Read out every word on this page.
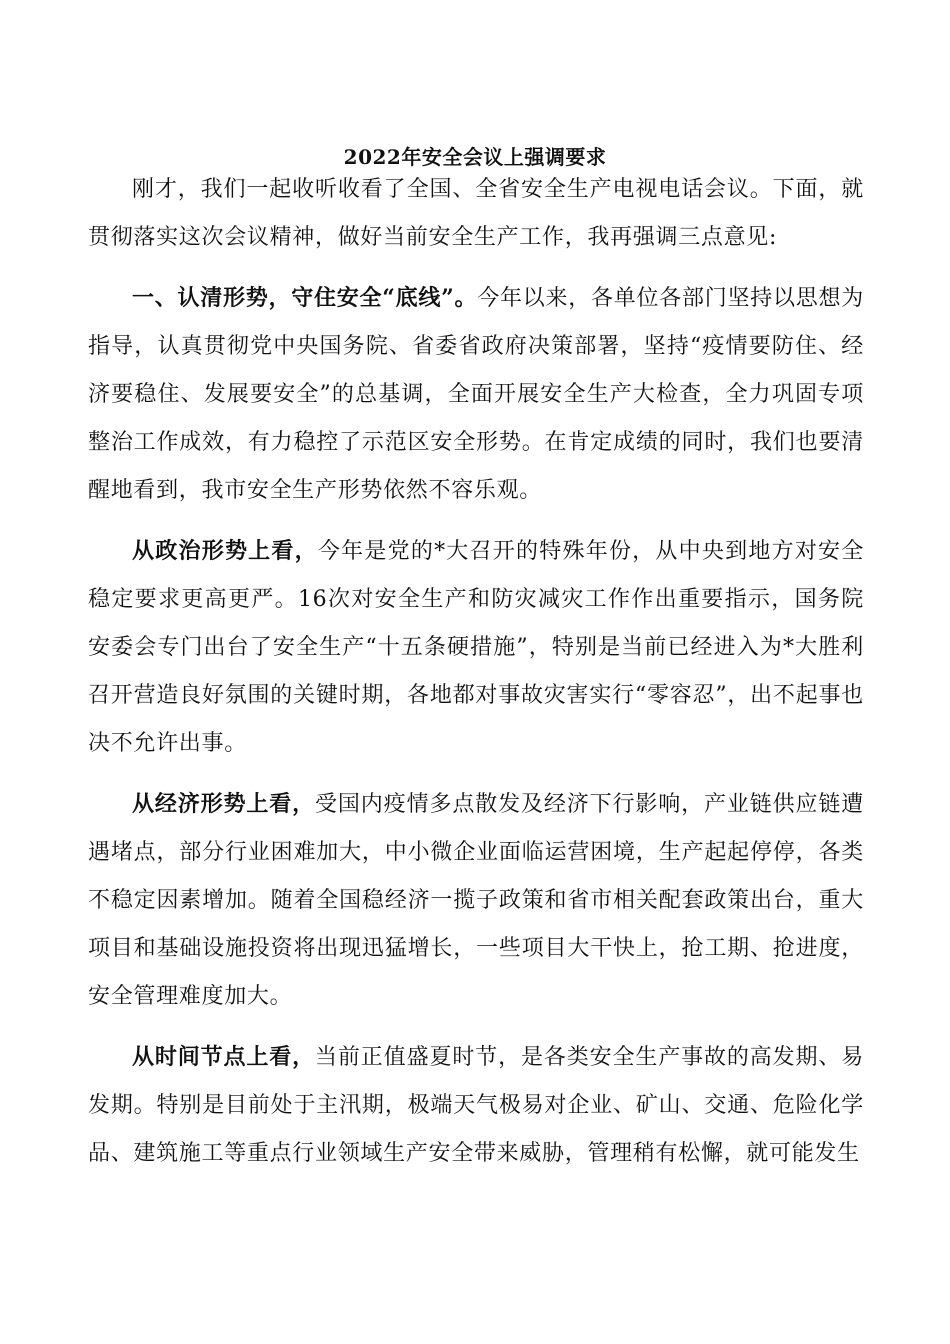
2022年安全会议上强调要求

刚才，我们一起收听收看了全国、全省安全生产电视电话会议。下面，就贯彻落实这次会议精神，做好当前安全生产工作，我再强调三点意见:

一、认清形势，守住安全“底线”。今年以来，各单位各部门坚持以思想为指导，认真贯彻党中央国务院、省委省政府决策部署，坚持“疫情要防住、经济要稳住、发展要安全”的总基调，全面开展安全生产大检查，全力巩固专项整治工作成效，有力稳控了示范区安全形势。在肯定成绩的同时，我们也要清醒地看到，我市安全生产形势依然不容乐观。

从政治形势上看，今年是党的*大召开的特殊年份，从中央到地方对安全稳定要求更高更严。16次对安全生产和防灾减灾工作作出重要指示，国务院安委会专门出台了安全生产“十五条硬措施”，特别是当前已经进入为*大胜利召开营造良好氛围的关键时期，各地都对事故灾害实行“零容忍”，出不起事也决不允许出事。

从经济形势上看，受国内疫情多点散发及经济下行影响，产业链供应链遭遇堵点，部分行业困难加大，中小微企业面临运营困境，生产起起停停，各类不稳定因素增加。随着全国稳经济一揽子政策和省市相关配套政策出台，重大项目和基础设施投资将出现迅猛增长，一些项目大干快上，抢工期、抢进度，安全管理难度加大。

从时间节点上看，当前正值盛夏时节，是各类安全生产事故的高发期、易发期。特别是目前处于主汛期，极端天气极易对企业、矿山、交通、危险化学品、建筑施工等重点行业领域生产安全带来威胁，管理稍有松懈，就可能发生
